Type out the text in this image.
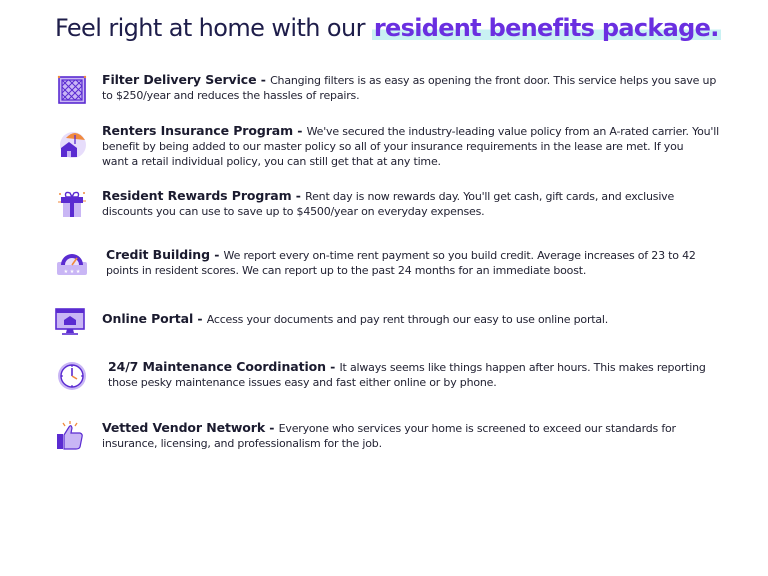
Feel right at home with our resident benefits package.
Filter Delivery Service - Changing filters is as easy as opening the front door. This service helps you save up
to $250/year and reduces the hassles of repairs.
Renters Insurance Program - We've secured the industry-leading value policy from an A-rated carrier. You'll
benefit by being added to our master policy so all of your insurance requirements in the lease are met. If you
want a retail individual policy, you can still get that at any time.
Resident Rewards Program - Rent day is now rewards day. You'll get cash, gift cards, and exclusive
discounts you can use to save up to $4500/year on everyday expenses.
★ ★ ★
Credit Building - We report every on-time rent payment so you build credit. Average increases of 23 to 42
points in resident scores. We can report up to the past 24 months for an immediate boost.
Online Portal - Access your documents and pay rent through our easy to use online portal.
24/7 Maintenance Coordination - It always seems like things happen after hours. This makes reporting
those pesky maintenance issues easy and fast either online or by phone.
Vetted Vendor Network - Everyone who services your home is screened to exceed our standards for
insurance, licensing, and professionalism for the job.
